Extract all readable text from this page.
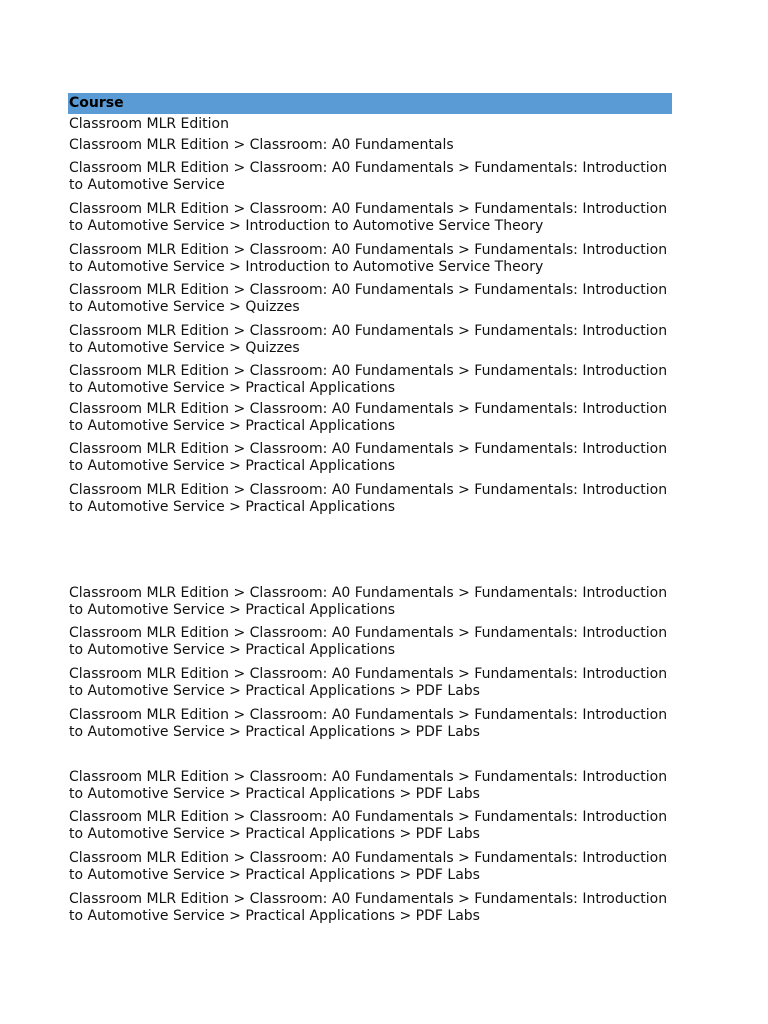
Course
Classroom MLR Edition
Classroom MLR Edition > Classroom: A0 Fundamentals
Classroom MLR Edition > Classroom: A0 Fundamentals > Fundamentals: Introduction to Automotive Service
Classroom MLR Edition > Classroom: A0 Fundamentals > Fundamentals: Introduction to Automotive Service > Introduction to Automotive Service Theory
Classroom MLR Edition > Classroom: A0 Fundamentals > Fundamentals: Introduction to Automotive Service > Introduction to Automotive Service Theory
Classroom MLR Edition > Classroom: A0 Fundamentals > Fundamentals: Introduction to Automotive Service > Quizzes
Classroom MLR Edition > Classroom: A0 Fundamentals > Fundamentals: Introduction to Automotive Service > Quizzes
Classroom MLR Edition > Classroom: A0 Fundamentals > Fundamentals: Introduction to Automotive Service > Practical Applications
Classroom MLR Edition > Classroom: A0 Fundamentals > Fundamentals: Introduction to Automotive Service > Practical Applications
Classroom MLR Edition > Classroom: A0 Fundamentals > Fundamentals: Introduction to Automotive Service > Practical Applications
Classroom MLR Edition > Classroom: A0 Fundamentals > Fundamentals: Introduction to Automotive Service > Practical Applications
Classroom MLR Edition > Classroom: A0 Fundamentals > Fundamentals: Introduction to Automotive Service > Practical Applications
Classroom MLR Edition > Classroom: A0 Fundamentals > Fundamentals: Introduction to Automotive Service > Practical Applications
Classroom MLR Edition > Classroom: A0 Fundamentals > Fundamentals: Introduction to Automotive Service > Practical Applications > PDF Labs
Classroom MLR Edition > Classroom: A0 Fundamentals > Fundamentals: Introduction to Automotive Service > Practical Applications > PDF Labs
Classroom MLR Edition > Classroom: A0 Fundamentals > Fundamentals: Introduction to Automotive Service > Practical Applications > PDF Labs
Classroom MLR Edition > Classroom: A0 Fundamentals > Fundamentals: Introduction to Automotive Service > Practical Applications > PDF Labs
Classroom MLR Edition > Classroom: A0 Fundamentals > Fundamentals: Introduction to Automotive Service > Practical Applications > PDF Labs
Classroom MLR Edition > Classroom: A0 Fundamentals > Fundamentals: Introduction to Automotive Service > Practical Applications > PDF Labs
